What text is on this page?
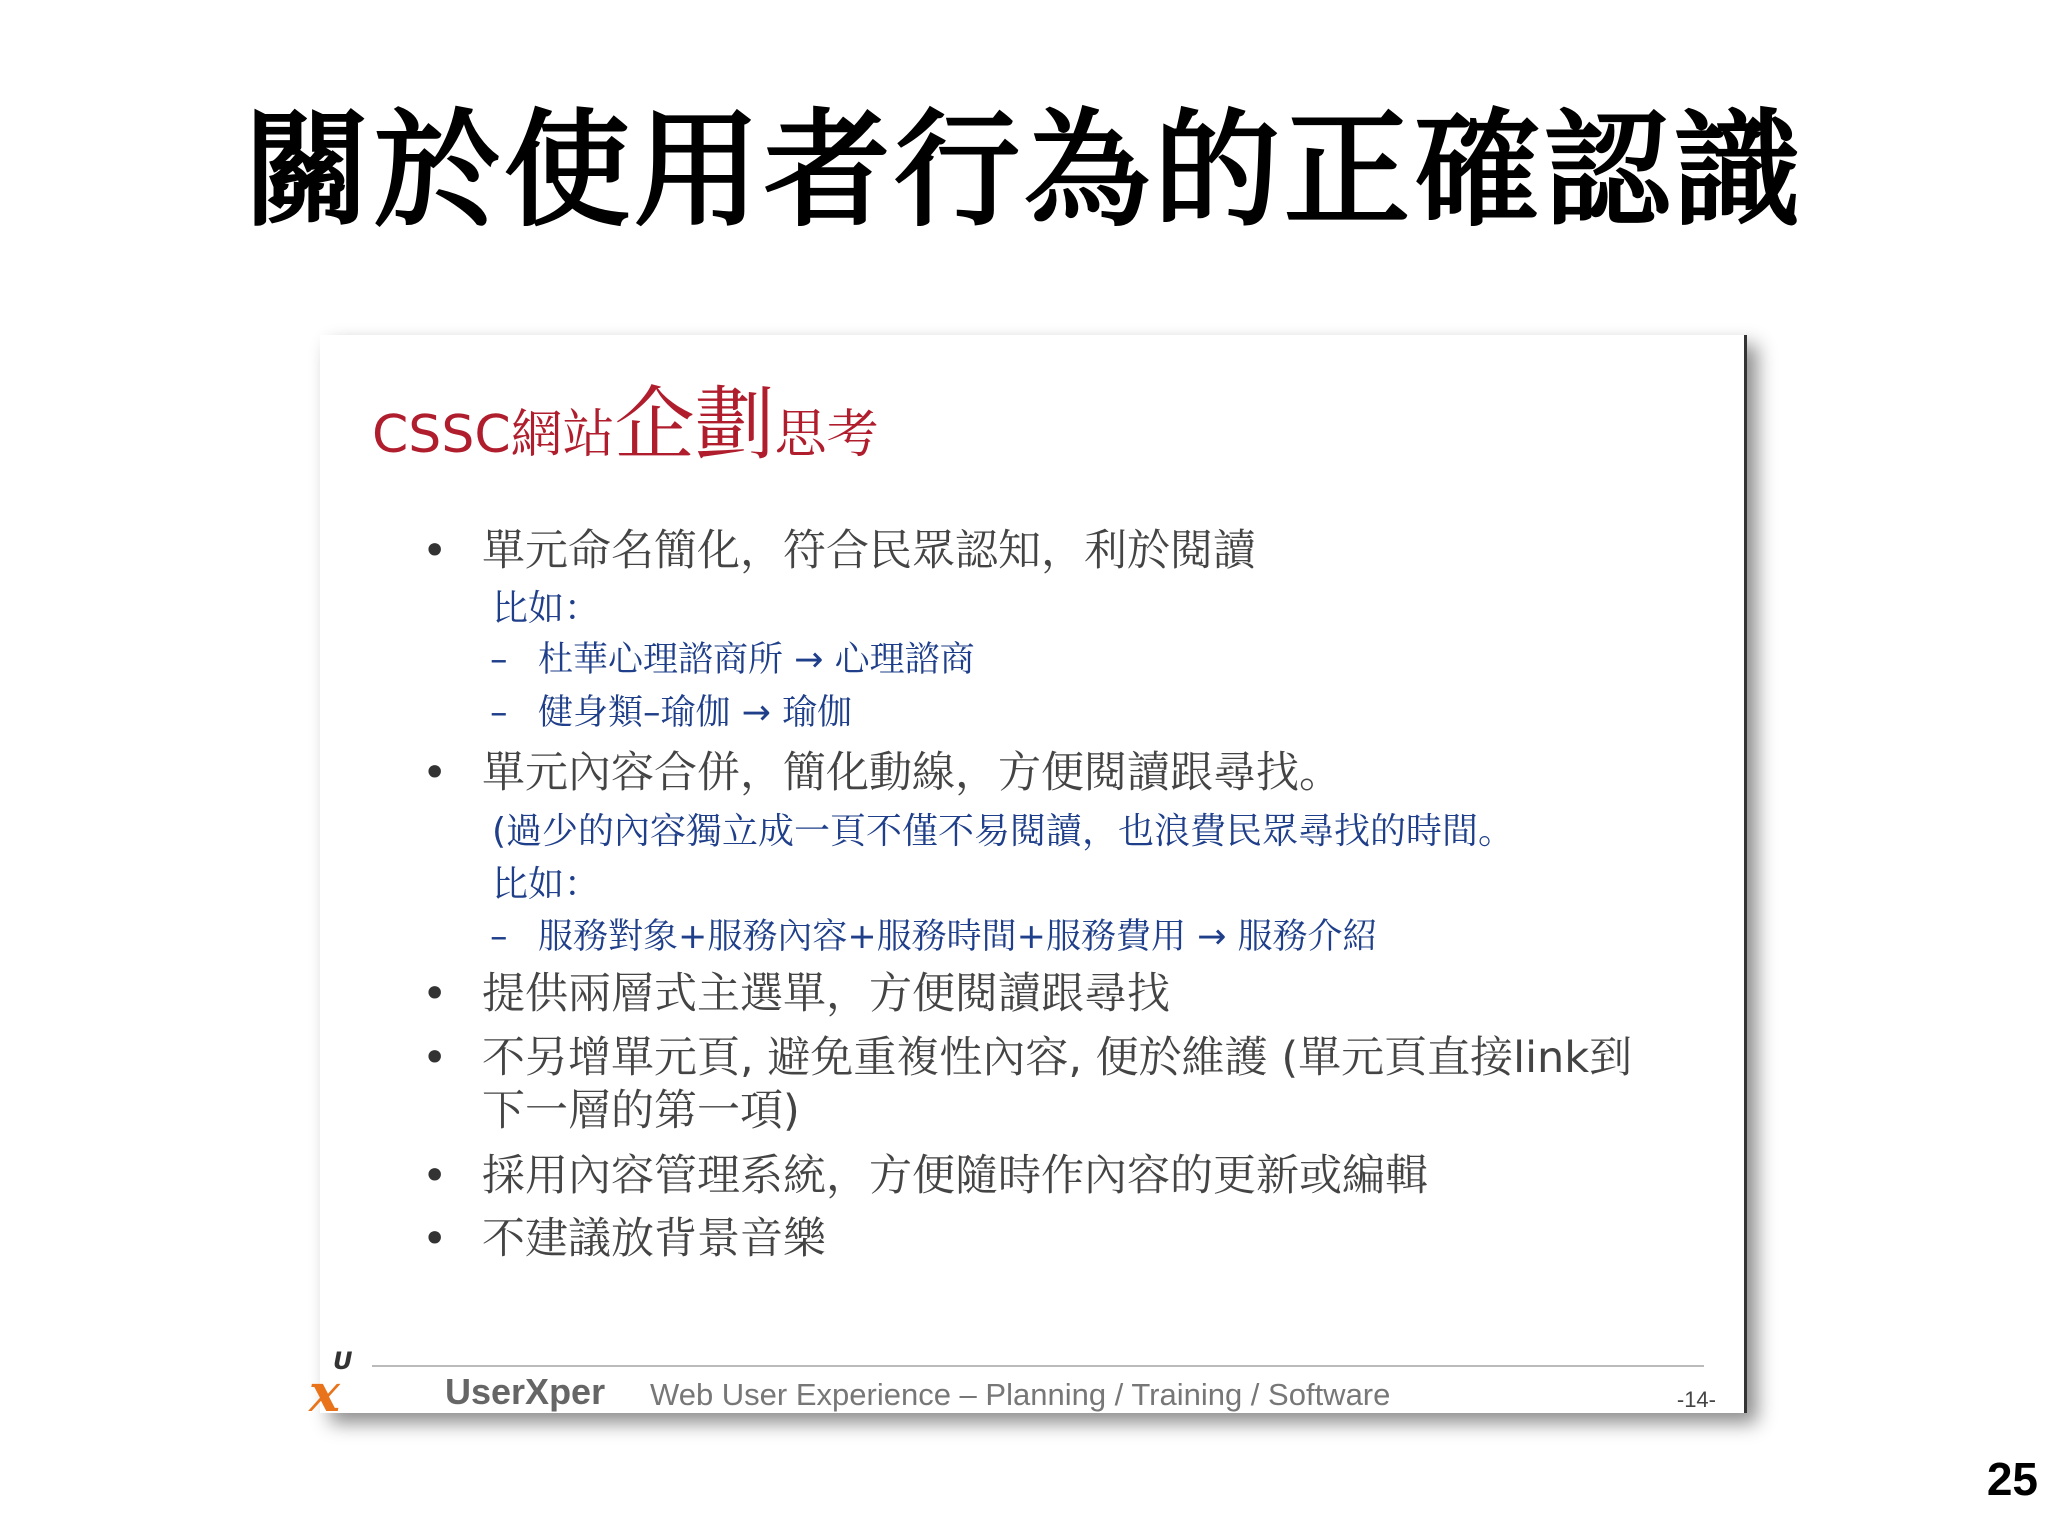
關於使用者行為的正確認識
CSSC網站企劃思考
• 單元命名簡化，符合民眾認知，利於閱讀
比如：
– 杜華心理諮商所 → 心理諮商
– 健身類–瑜伽 → 瑜伽
• 單元內容合併，簡化動線，方便閱讀跟尋找。
(過少的內容獨立成一頁不僅不易閱讀，也浪費民眾尋找的時間。
比如：
– 服務對象+服務內容+服務時間+服務費用 → 服務介紹
• 提供兩層式主選單，方便閱讀跟尋找
• 不另增單元頁, 避免重複性內容, 便於維護 (單元頁直接link到
下一層的第一項)
• 採用內容管理系統，方便隨時作內容的更新或編輯
• 不建議放背景音樂
U
x	UserXper Web User Experience – Planning / Training / Software	-14-
25
